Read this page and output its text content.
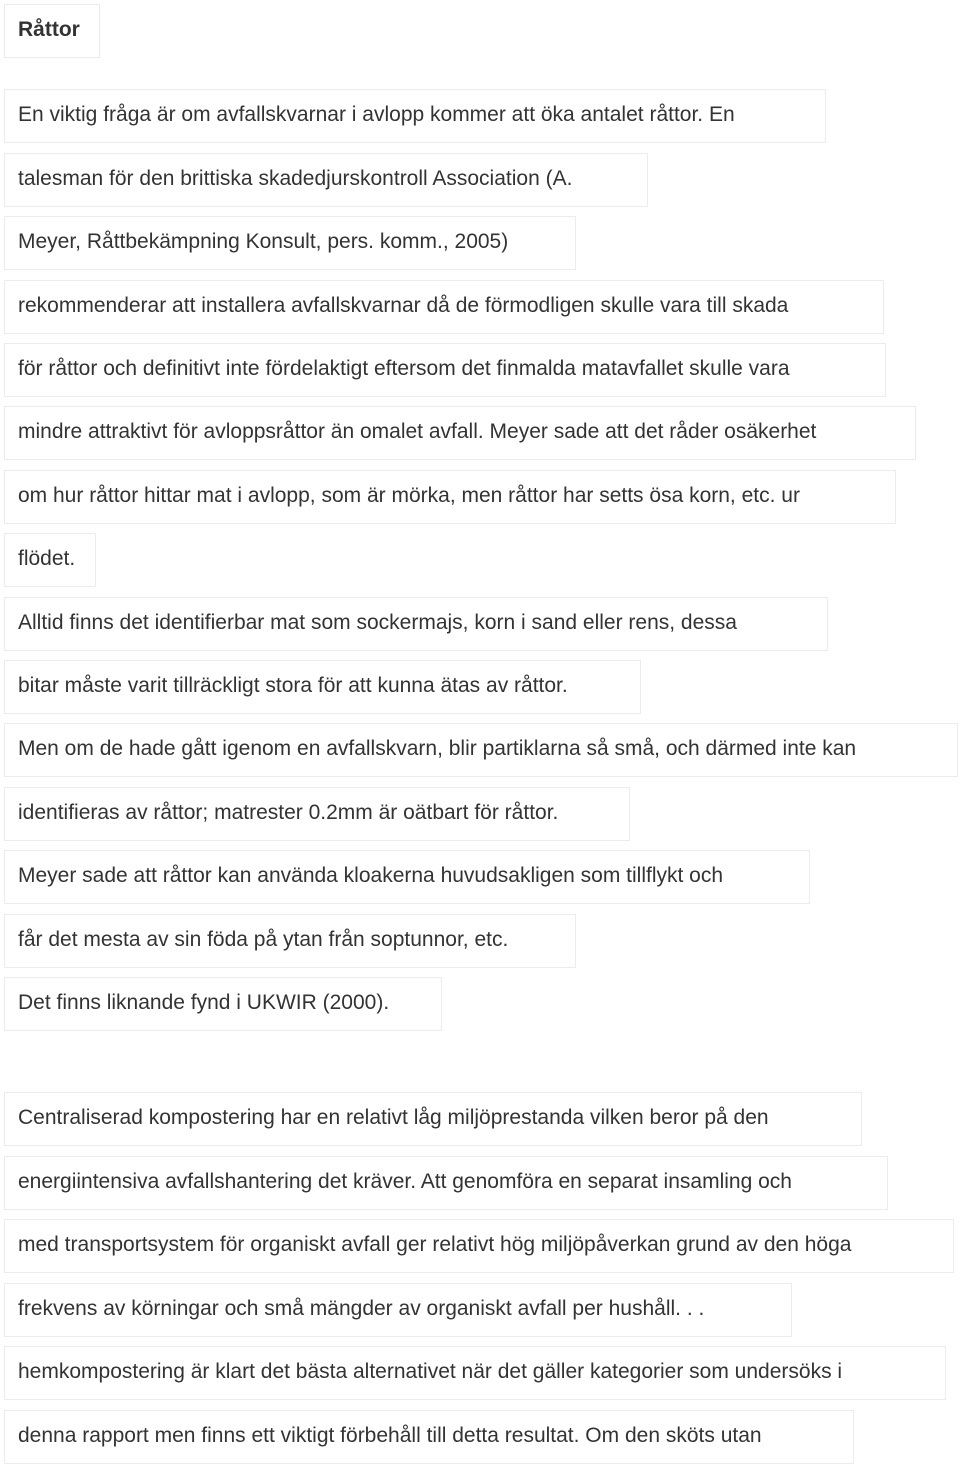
Råttor
En viktig fråga är om avfallskvarnar i avlopp kommer att öka antalet råttor. En
talesman för den brittiska skadedjurskontroll Association (A.
Meyer, Råttbekämpning Konsult, pers. komm., 2005)
rekommenderar att installera avfallskvarnar då de förmodligen skulle vara till skada
för råttor och definitivt inte fördelaktigt eftersom det finmalda matavfallet skulle vara
mindre attraktivt för avloppsråttor än omalet avfall. Meyer sade att det råder osäkerhet
om hur råttor hittar mat i avlopp, som är mörka, men råttor har setts ösa korn, etc. ur
flödet.
Alltid finns det identifierbar mat som sockermajs, korn i sand eller rens, dessa
bitar måste varit tillräckligt stora för att kunna ätas av råttor.
Men om de hade gått igenom en avfallskvarn, blir partiklarna så små, och därmed inte kan
identifieras av råttor; matrester 0.2mm är oätbart för råttor.
Meyer sade att råttor kan använda kloakerna huvudsakligen som tillflykt och
får det mesta av sin föda på ytan från soptunnor, etc.
Det finns liknande fynd i UKWIR (2000).
Centraliserad kompostering har en relativt låg miljöprestanda vilken beror på den
energiintensiva avfallshantering det kräver. Att genomföra en separat insamling och
med transportsystem för organiskt avfall ger relativt hög miljöpåverkan grund av den höga
frekvens av körningar och små mängder av organiskt avfall per hushåll. . .
hemkompostering är klart det bästa alternativet när det gäller kategorier som undersöks i
denna rapport men finns ett viktigt förbehåll till detta resultat. Om den sköts utan
